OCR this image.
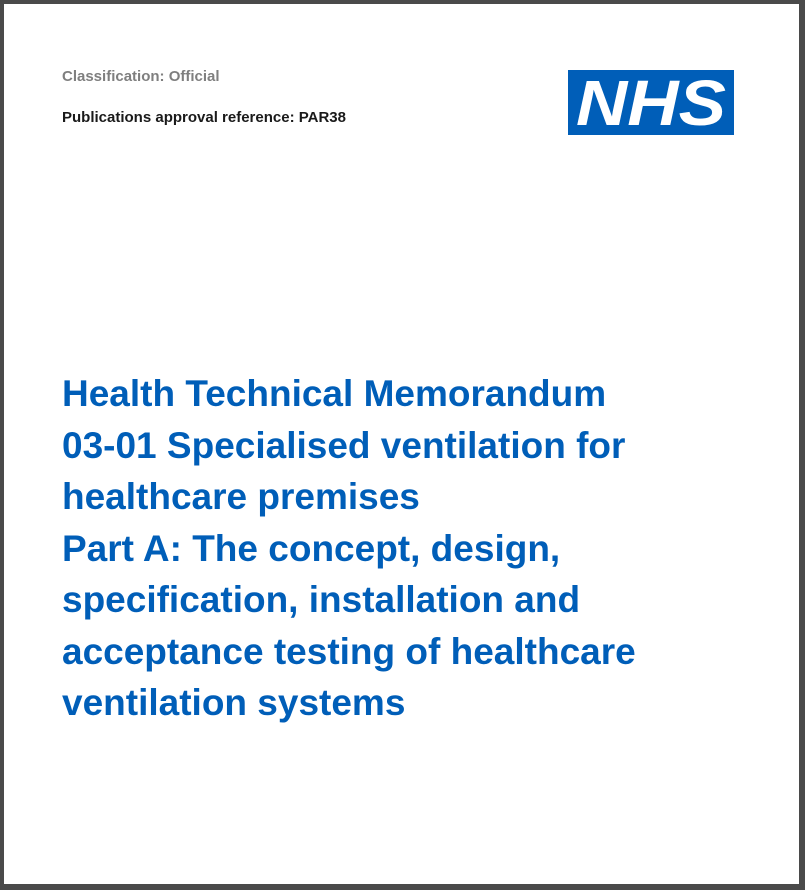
Classification: Official
Publications approval reference: PAR38	NHS
Health Technical Memorandum
03-01 Specialised ventilation for
healthcare premises
Part A: The concept, design,
specification, installation and
acceptance testing of healthcare
ventilation systems
